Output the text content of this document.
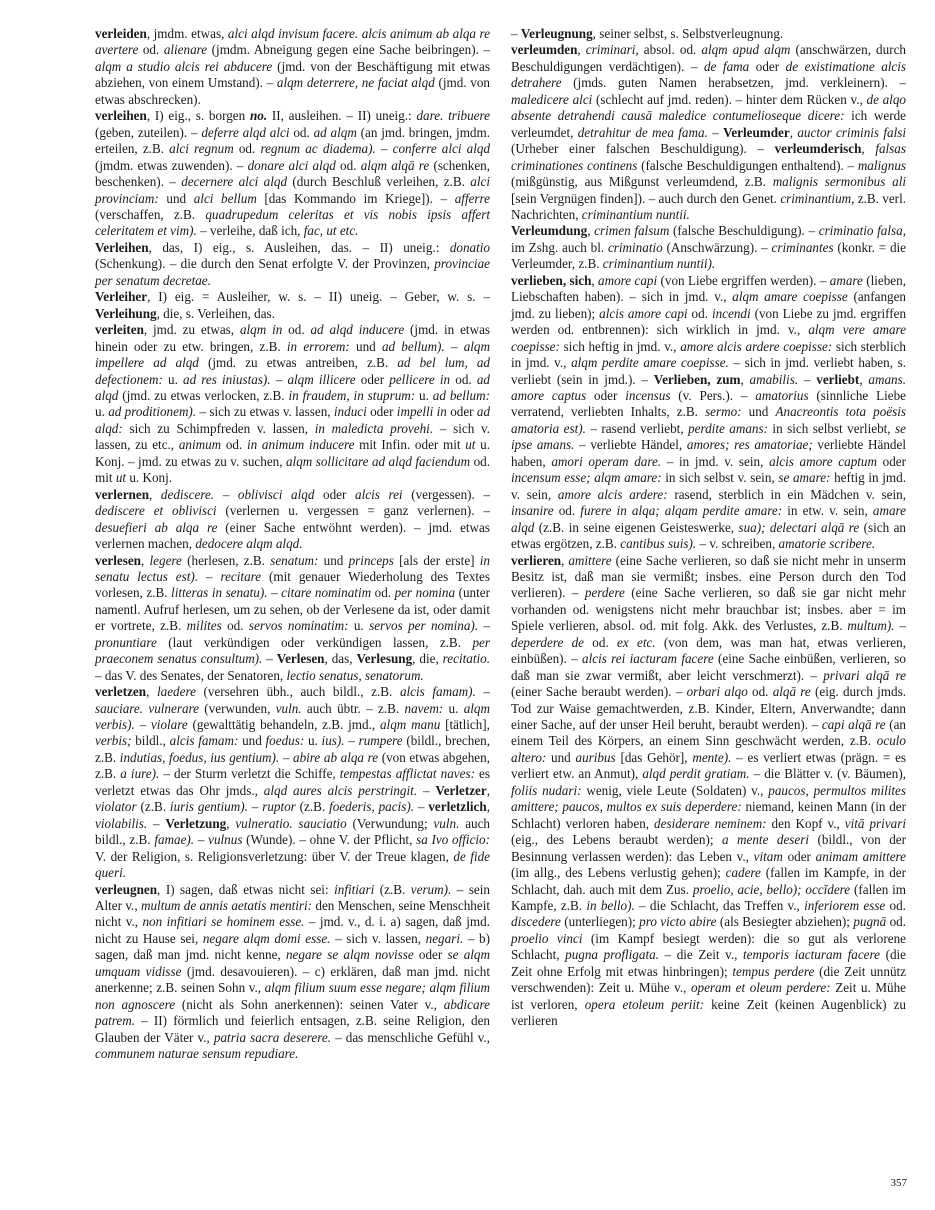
verleiden, jmdm. etwas, alci alqd invisum facere. alcis animum ab alqa re avertere od. alienare (jmdm. Abneigung gegen eine Sache beibringen). – alqm a studio alcis rei abducere (jmd. von der Beschäftigung mit etwas abziehen, von einem Umstand). – alqm deterrere, ne faciat alqd (jmd. von etwas abschrecken).

verleihen, I) eig., s. borgen no. II, ausleihen. – II) uneig.: dare. tribuere (geben, zuteilen). – deferre alqd alci od. ad alqm (an jmd. bringen, jmdm. erteilen, z.B. alci regnum od. regnum ac diadema). – conferre alci alqd (jmdm. etwas zuwenden). – donare alci alqd od. alqm alqā re (schenken, beschenken). – decernere alci alqd (durch Beschluß verleihen, z.B. alci provinciam: und alci bellum [das Kommando im Kriege]). – afferre (verschaffen, z.B. quadrupedum celeritas et vis nobis ipsis affert celeritatem et vim). – verleihe, daß ich, fac, ut etc.

Verleihen, das, I) eig., s. Ausleihen, das. – II) uneig.: donatio (Schenkung). – die durch den Senat erfolgte V. der Provinzen, provinciae per senatum decretae.

Verleiher, I) eig. = Ausleiher, w. s. – II) uneig. – Geber, w. s. – Verleihung, die, s. Verleihen, das.

verleiten, jmd. zu etwas, alqm in od. ad alqd inducere (jmd. in etwas hinein oder zu etw. bringen, z.B. in errorem: und ad bellum). – alqm impellere ad alqd (jmd. zu etwas antreiben, z.B. ad bel lum, ad defectionem: u. ad res iniustas). – alqm illicere oder pellicere in od. ad alqd (jmd. zu etwas verlocken, z.B. in fraudem, in stuprum: u. ad bellum: u. ad proditionem). – sich zu etwas v. lassen, induci oder impelli in oder ad alqd: sich zu Schimpfreden v. lassen, in maledicta provehi. – sich v. lassen, zu etc., animum od. in animum inducere mit Infin. oder mit ut u. Konj. – jmd. zu etwas zu v. suchen, alqm sollicitare ad alqd faciendum od. mit ut u. Konj.

verlernen, dediscere. – oblivisci alqd oder alcis rei (vergessen). – dediscere et oblivisci (verlernen u. vergessen = ganz verlernen). – desuefieri ab alqa re (einer Sache entwöhnt werden). – jmd. etwas verlernen machen, dedocere alqm alqd.

verlesen, legere (herlesen, z.B. senatum: und princeps [als der erste] in senatu lectus est). – recitare (mit genauer Wiederholung des Textes vorlesen, z.B. litteras in senatu). – citare nominatim od. per nomina (unter namentl. Aufruf herlesen, um zu sehen, ob der Verlesene da ist, oder damit er vortrete, z.B. milites od. servos nominatim: u. servos per nomina). – pronuntiare (laut verkündigen oder verkündigen lassen, z.B. per praeconem senatus consultum). – Verlesen, das, Verlesung, die, recitatio. – das V. des Senates, der Senatoren, lectio senatus, senatorum.

verletzen, laedere (versehren übh., auch bildl., z.B. alcis famam). – sauciare. vulnerare (verwunden, vuln. auch übtr. – z.B. navem: u. alqm verbis). – violare (gewalttätig behandeln, z.B. jmd., alqm manu [tätlich], verbis; bildl., alcis famam: und foedus: u. ius). – rumpere (bildl., brechen, z.B. indutias, foedus, ius gentium). – abire ab alqa re (von etwas abgehen, z.B. a iure). – der Sturm verletzt die Schiffe, tempestas afflictat naves: es verletzt etwas das Ohr jmds., alqd aures alcis perstringit. – Verletzer, violator (z.B. iuris gentium). – ruptor (z.B. foederis, pacis). – verletzlich, violabilis. – Verletzung, vulneratio. sauciatio (Verwundung; vuln. auch bildl., z.B. famae). – vulnus (Wunde). – ohne V. der Pflicht, sa Ivo officio: V. der Religion, s. Religionsverletzung: über V. der Treue klagen, de fide queri.

verleugnen, I) sagen, daß etwas nicht sei: infitiari (z.B. verum). – sein Alter v., multum de annis aetatis mentiri: den Menschen, seine Menschheit nicht v., non infitiari se hominem esse. – jmd. v., d. i. a) sagen, daß jmd. nicht zu Hause sei, negare alqm domi esse. – sich v. lassen, negari. – b) sagen, daß man jmd. nicht kenne, negare se alqm novisse oder se alqm umquam vidisse (jmd. desavouieren). – c) erklären, daß man jmd. nicht anerkenne; z.B. seinen Sohn v., alqm filium suum esse negare; alqm filium non agnoscere (nicht als Sohn anerkennen): seinen Vater v., abdicare patrem. – II) förmlich und feierlich entsagen, z.B. seine Religion, den Glauben der Väter v., patria sacra deserere. – das menschliche Gefühl v., communem naturae sensum repudiare.

– Verleugnung, seiner selbst, s. Selbstverleugnung.

verleumden, criminari, absol. od. alqm apud alqm (anschwärzen, durch Beschuldigungen verdächtigen). – de fama oder de existimatione alcis detrahere (jmds. guten Namen herabsetzen, jmd. verkleinern). – maledicere alci (schlecht auf jmd. reden). – hinter dem Rücken v., de alqo absente detrahendi causā maledice contumelioseque dicere: ich werde verleumdet, detrahitur de mea fama. – Verleumder, auctor criminis falsi (Urheber einer falschen Beschuldigung). – verleumderisch, falsas criminationes continens (falsche Beschuldigungen enthaltend). – malignus (mißgünstig, aus Mißgunst verleumdend, z.B. malignis sermonibus ali [sein Vergnügen finden]). – auch durch den Genet. criminantium, z.B. verl. Nachrichten, criminantium nuntii.

Verleumdung, crimen falsum (falsche Beschuldigung). – criminatio falsa, im Zshg. auch bl. criminatio (Anschwärzung). – criminantes (konkr. = die Verleumder, z.B. criminantium nuntii).

verlieben, sich, amore capi (von Liebe ergriffen werden). – amare (lieben, Liebschaften haben). – sich in jmd. v., alqm amare coepisse (anfangen jmd. zu lieben); alcis amore capi od. incendi (von Liebe zu jmd. ergriffen werden od. entbrennen): sich wirklich in jmd. v., alqm vere amare coepisse: sich heftig in jmd. v., amore alcis ardere coepisse: sich sterblich in jmd. v., alqm perdite amare coepisse. – sich in jmd. verliebt haben, s. verliebt (sein in jmd.). – Verlieben, zum, amabilis. – verliebt, amans. amore captus oder incensus (v. Pers.). – amatorius (sinnliche Liebe verratend, verliebten Inhalts, z.B. sermo: und Anacreontis tota poësis amatoria est). – rasend verliebt, perdite amans: in sich selbst verliebt, se ipse amans. – verliebte Händel, amores; res amatoriae; verliebte Händel haben, amori operam dare. – in jmd. v. sein, alcis amore captum oder incensum esse; alqm amare: in sich selbst v. sein, se amare: heftig in jmd. v. sein, amore alcis ardere: rasend, sterblich in ein Mädchen v. sein, insanire od. furere in alqa; alqam perdite amare: in etw. v. sein, amare alqd (z.B. in seine eigenen Geisteswerke, sua); delectari alqā re (sich an etwas ergötzen, z.B. cantibus suis). – v. schreiben, amatorie scribere.

verlieren, amittere (eine Sache verlieren, so daß sie nicht mehr in unserm Besitz ist, daß man sie vermißt; insbes. eine Person durch den Tod verlieren). – perdere (eine Sache verlieren, so daß sie gar nicht mehr vorhanden od. wenigstens nicht mehr brauchbar ist; insbes. aber = im Spiele verlieren, absol. od. mit folg. Akk. des Verlustes, z.B. multum). – deperdere de od. ex etc. (von dem, was man hat, etwas verlieren, einbüßen). – alcis rei iacturam facere (eine Sache einbüßen, verlieren, so daß man sie zwar vermißt, aber leicht verschmerzt). – privari alqā re (einer Sache beraubt werden). – orbari alqo od. alqā re (eig. durch jmds. Tod zur Waise gemachtwerden, z.B. Kinder, Eltern, Anverwandte; dann einer Sache, auf der unser Heil beruht, beraubt werden). – capi alqā re (an einem Teil des Körpers, an einem Sinn geschwächt werden, z.B. oculo altero: und auribus [das Gehör], mente). – es verliert etwas (prägn. = es verliert etw. an Anmut), alqd perdit gratiam. – die Blätter v. (v. Bäumen), foliis nudari: wenig, viele Leute (Soldaten) v., paucos, permultos milites amittere; paucos, multos ex suis deperdere: niemand, keinen Mann (in der Schlacht) verloren haben, desiderare neminem: den Kopf v., vitā privari (eig., des Lebens beraubt werden); a mente deseri (bildl., von der Besinnung verlassen werden): das Leben v., vitam oder animam amittere (im allg., des Lebens verlustig gehen); cadere (fallen im Kampfe, in der Schlacht, dah. auch mit dem Zus. proelio, acie, bello); occĭdere (fallen im Kampfe, z.B. in bello). – die Schlacht, das Treffen v., inferiorem esse od. discedere (unterliegen); pro victo abire (als Besiegter abziehen); pugnā od. proelio vinci (im Kampf besiegt werden): die so gut als verlorene Schlacht, pugna profligata. – die Zeit v., temporis iacturam facere (die Zeit ohne Erfolg mit etwas hinbringen); tempus perdere (die Zeit unnütz verschwenden): Zeit u. Mühe v., operam et oleum perdere: Zeit u. Mühe ist verloren, opera etoleum periit: keine Zeit (keinen Augenblick) zu verlieren

357
